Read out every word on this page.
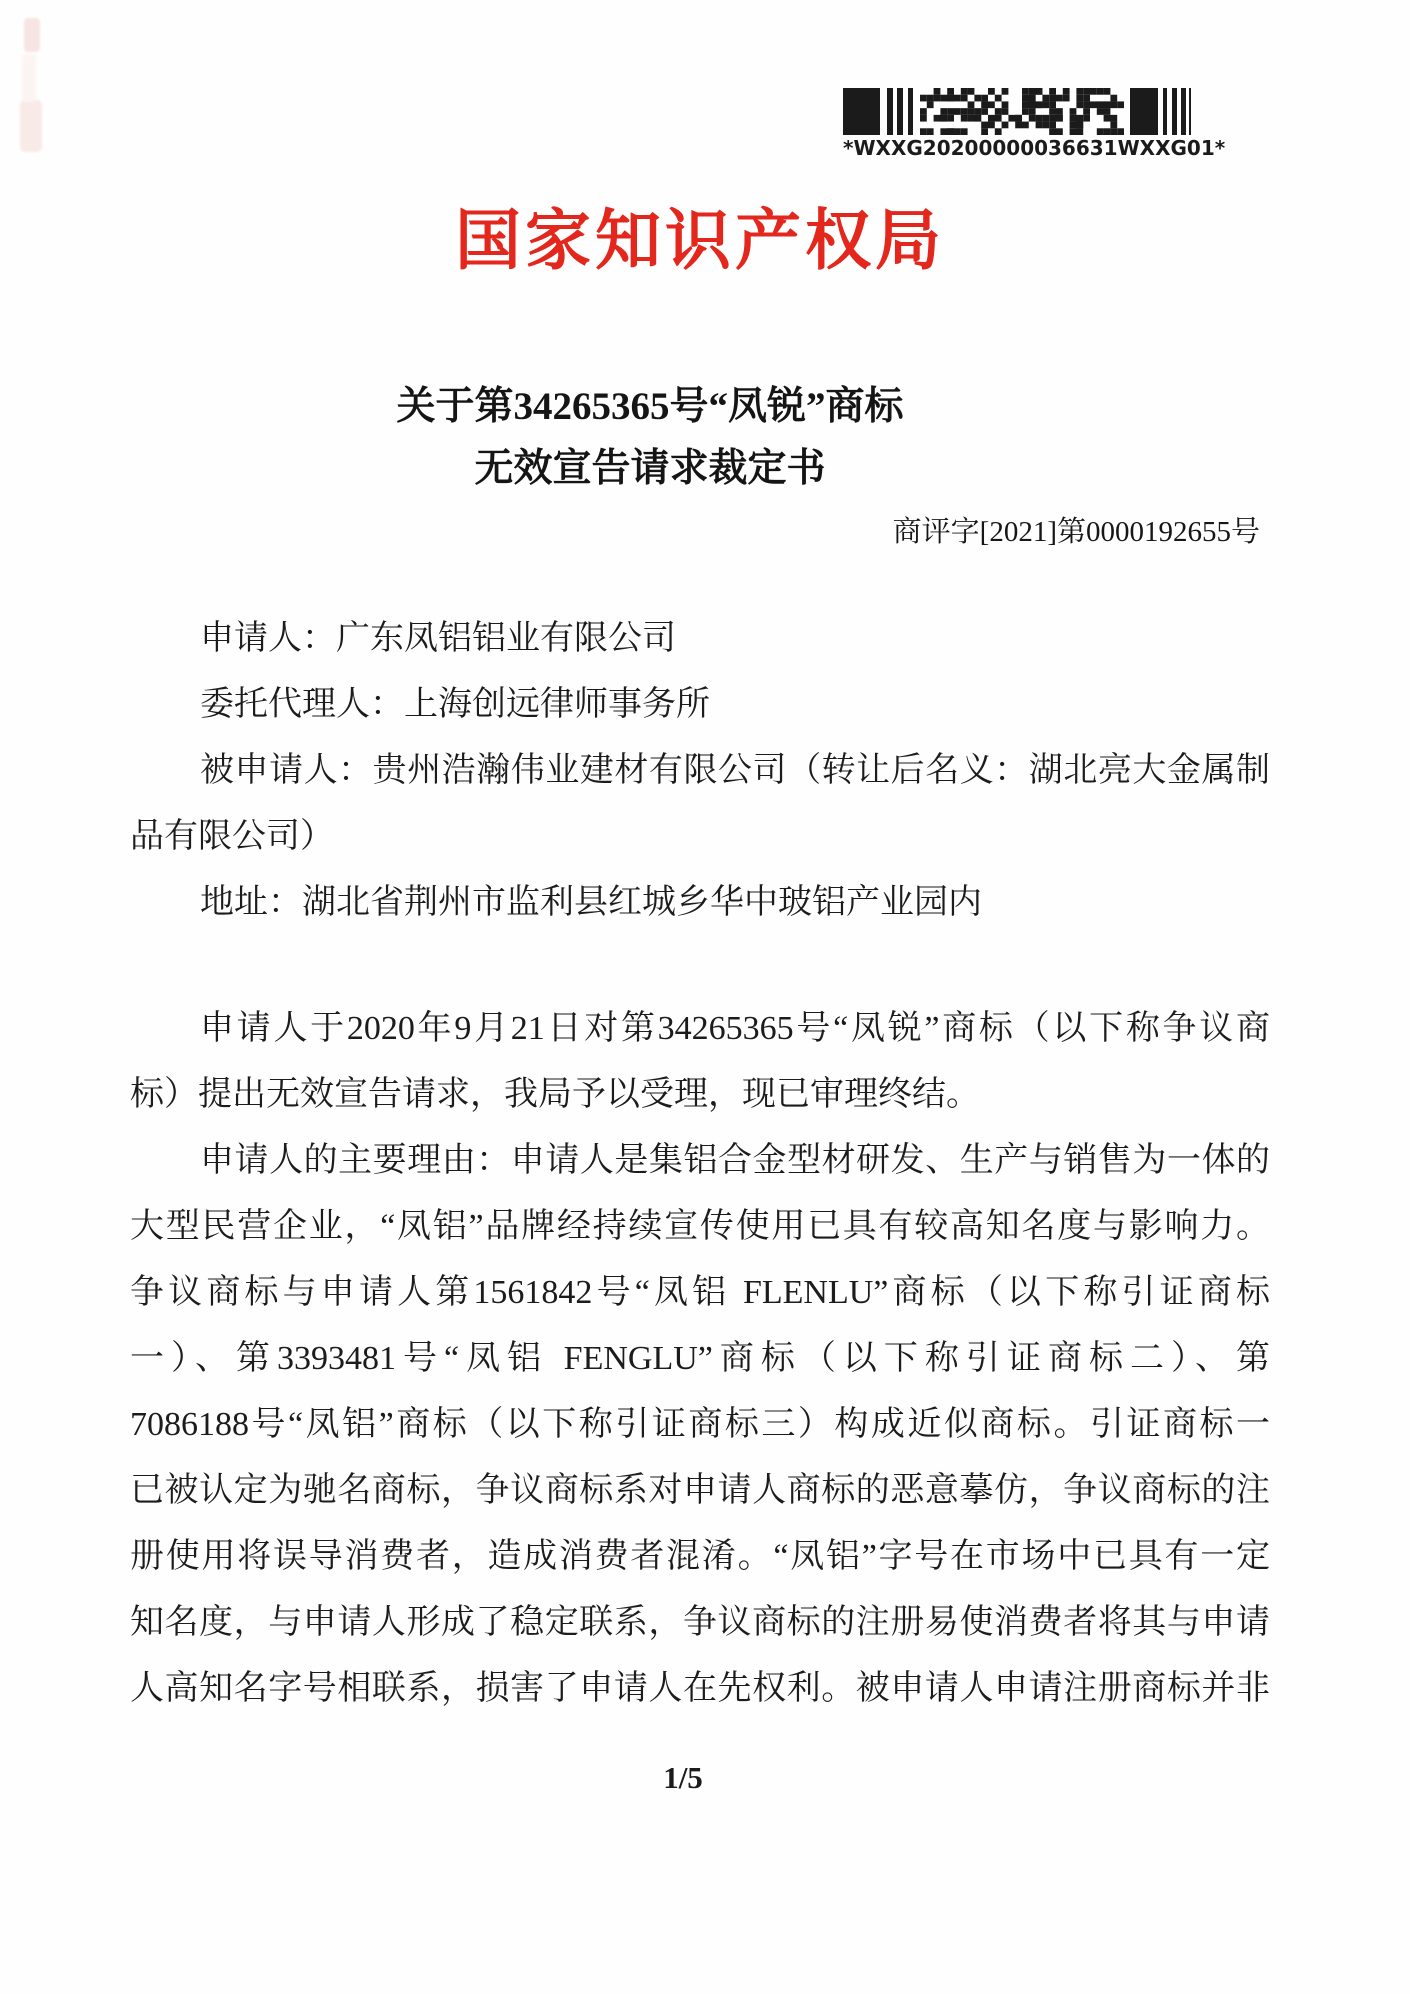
*WXXG20200000036631WXXG01*
国家知识产权局
关于第34265365号“凤锐”商标
无效宣告请求裁定书
商评字[2021]第0000192655号
申请人：广东凤铝铝业有限公司
委托代理人：上海创远律师事务所
被申请人：贵州浩瀚伟业建材有限公司（转让后名义：湖北亮大金属制
品有限公司）
地址：湖北省荆州市监利县红城乡华中玻铝产业园内
申请人于2020年9月21日对第34265365号“凤锐”商标（以下称争议商
标）提出无效宣告请求，我局予以受理，现已审理终结。
申请人的主要理由：申请人是集铝合金型材研发、生产与销售为一体的
大型民营企业，“凤铝”品牌经持续宣传使用已具有较高知名度与影响力。
争议商标与申请人第1561842号“凤铝 FLENLU”商标（以下称引证商标
一）、第3393481号“凤铝 FENGLU”商标（以下称引证商标二）、第
7086188号“凤铝”商标（以下称引证商标三）构成近似商标。引证商标一
已被认定为驰名商标，争议商标系对申请人商标的恶意摹仿，争议商标的注
册使用将误导消费者，造成消费者混淆。“凤铝”字号在市场中已具有一定
知名度，与申请人形成了稳定联系，争议商标的注册易使消费者将其与申请
人高知名字号相联系，损害了申请人在先权利。被申请人申请注册商标并非
1/5
